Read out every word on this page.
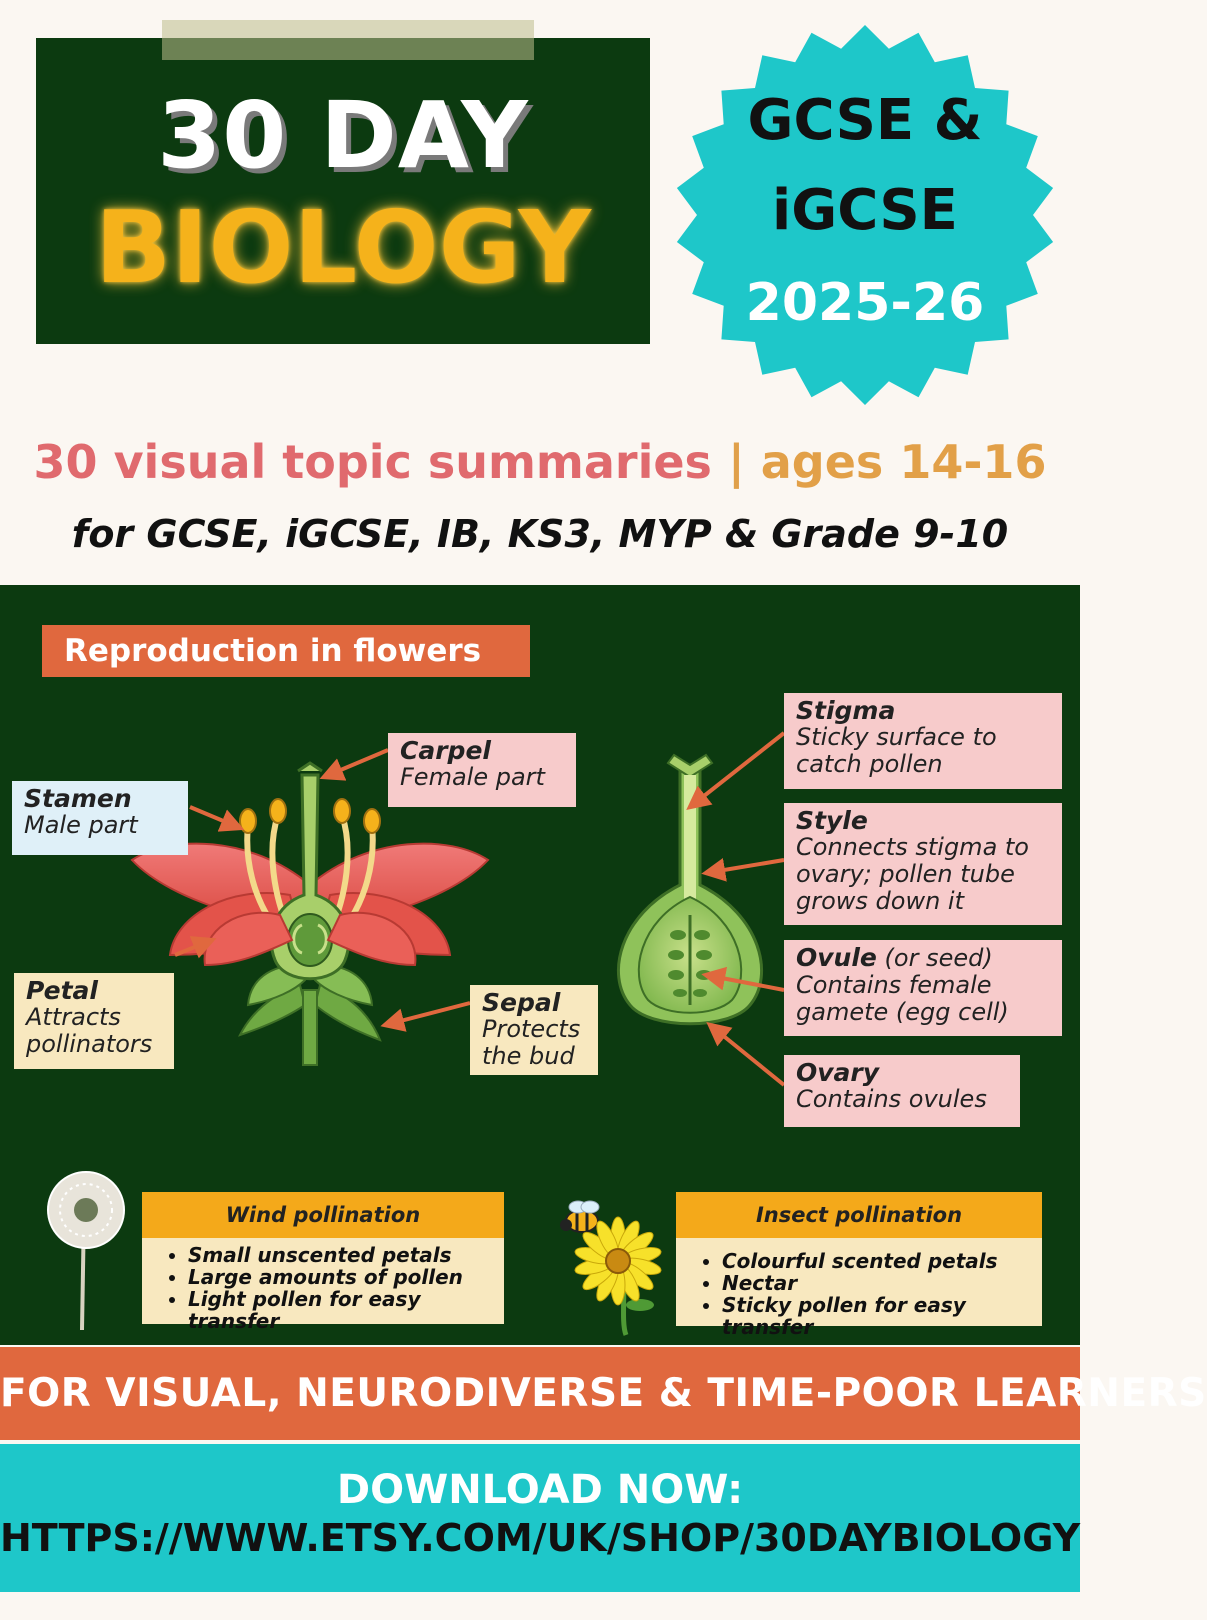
30 DAY
BIOLOGY
GCSE &
iGCSE
2025-26
30 visual topic summaries | ages 14-16
for GCSE, iGCSE, IB, KS3, MYP & Grade 9-10
Reproduction in flowers
Carpel
Female part
Stamen
Male part
Petal
Attracts
pollinators
Sepal
Protects
the bud
Stigma
Sticky surface to
catch pollen
Style
Connects stigma to
ovary; pollen tube
grows down it
Ovule (or seed)
Contains female
gamete (egg cell)
Ovary
Contains ovules
Wind pollination
• Small unscented petals
• Large amounts of pollen
• Light pollen for easy transfer
Insect pollination
• Colourful scented petals
• Nectar
• Sticky pollen for easy transfer
FOR VISUAL, NEURODIVERSE & TIME-POOR LEARNERS
DOWNLOAD NOW:
HTTPS://WWW.ETSY.COM/UK/SHOP/30DAYBIOLOGY
